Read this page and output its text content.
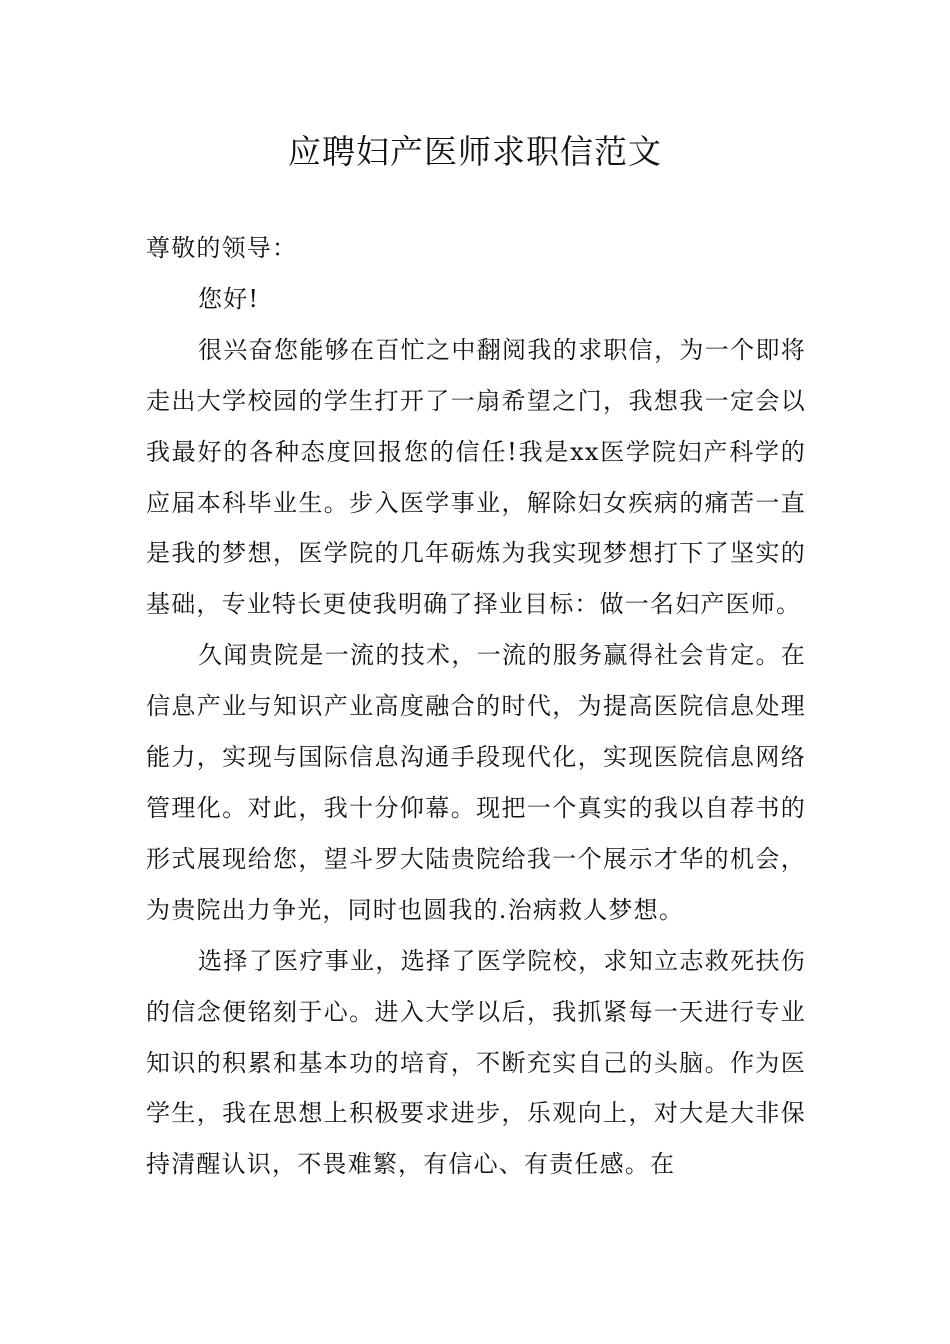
应聘妇产医师求职信范文

尊敬的领导：

您好!

很兴奋您能够在百忙之中翻阅我的求职信，为一个即将走出大学校园的学生打开了一扇希望之门，我想我一定会以我最好的各种态度回报您的信任!我是xx医学院妇产科学的应届本科毕业生。步入医学事业，解除妇女疾病的痛苦一直是我的梦想，医学院的几年砺炼为我实现梦想打下了坚实的基础，专业特长更使我明确了择业目标：做一名妇产医师。

久闻贵院是一流的技术，一流的服务赢得社会肯定。在信息产业与知识产业高度融合的时代，为提高医院信息处理能力，实现与国际信息沟通手段现代化，实现医院信息网络管理化。对此，我十分仰幕。现把一个真实的我以自荐书的形式展现给您，望斗罗大陆贵院给我一个展示才华的机会，为贵院出力争光，同时也圆我的.治病救人梦想。

选择了医疗事业，选择了医学院校，求知立志救死扶伤的信念便铭刻于心。进入大学以后，我抓紧每一天进行专业知识的积累和基本功的培育，不断充实自己的头脑。作为医学生，我在思想上积极要求进步，乐观向上，对大是大非保持清醒认识，不畏难繁，有信心、有责任感。在
